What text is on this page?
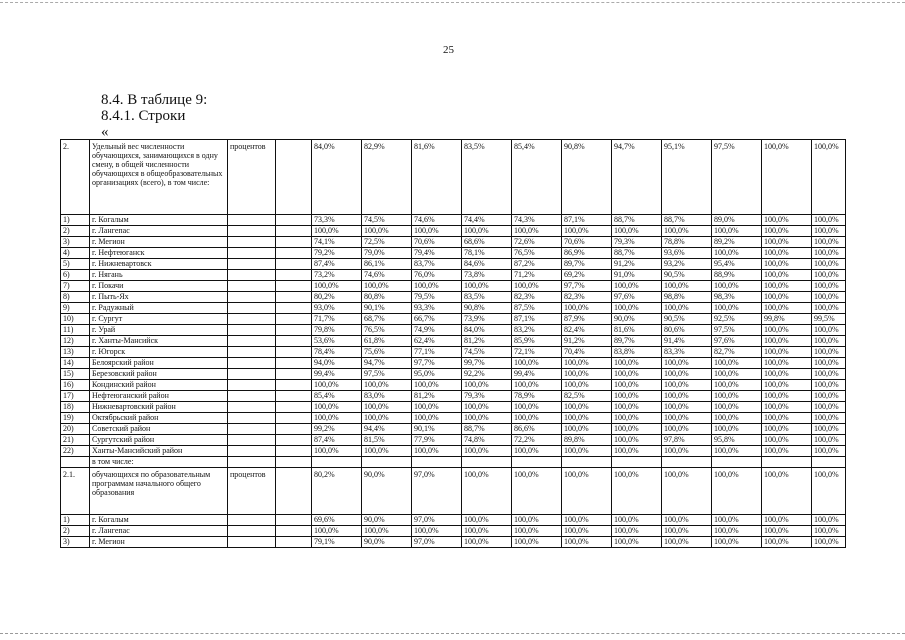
25
8.4. В таблице 9:
8.4.1. Строки
«
2.	Удельный вес численности обучающихся, занимающихся в одну смену, в общей численности обучающихся в общеобразовательных организациях (всего), в том числе:	процентов		84,0%	82,9%	81,6%	83,5%	85,4%	90,8%	94,7%	95,1%	97,5%	100,0%	100,0%
1)	г. Когалым			73,3%	74,5%	74,6%	74,4%	74,3%	87,1%	88,7%	88,7%	89,0%	100,0%	100,0%
2)	г. Лангепас			100,0%	100,0%	100,0%	100,0%	100,0%	100,0%	100,0%	100,0%	100,0%	100,0%	100,0%
3)	г. Мегион			74,1%	72,5%	70,6%	68,6%	72,6%	70,6%	79,3%	78,8%	89,2%	100,0%	100,0%
4)	г. Нефтеюганск			79,2%	79,0%	79,4%	78,1%	76,5%	86,9%	88,7%	93,6%	100,0%	100,0%	100,0%
5)	г. Нижневартовск			87,4%	86,1%	83,7%	84,6%	87,2%	89,7%	91,2%	93,2%	95,4%	100,0%	100,0%
6)	г. Нягань			73,2%	74,6%	76,0%	73,8%	71,2%	69,2%	91,0%	90,5%	88,9%	100,0%	100,0%
7)	г. Покачи			100,0%	100,0%	100,0%	100,0%	100,0%	97,7%	100,0%	100,0%	100,0%	100,0%	100,0%
8)	г. Пыть-Ях			80,2%	80,8%	79,5%	83,5%	82,3%	82,3%	97,6%	98,8%	98,3%	100,0%	100,0%
9)	г. Радужный			93,0%	90,1%	93,3%	90,8%	87,5%	100,0%	100,0%	100,0%	100,0%	100,0%	100,0%
10)	г. Сургут			71,7%	68,7%	66,7%	73,9%	87,1%	87,9%	90,0%	90,5%	92,5%	99,8%	99,5%
11)	г. Урай			79,8%	76,5%	74,9%	84,0%	83,2%	82,4%	81,6%	80,6%	97,5%	100,0%	100,0%
12)	г. Ханты-Мансийск			53,6%	61,8%	62,4%	81,2%	85,9%	91,2%	89,7%	91,4%	97,6%	100,0%	100,0%
13)	г. Югорск			78,4%	75,6%	77,1%	74,5%	72,1%	70,4%	83,8%	83,3%	82,7%	100,0%	100,0%
14)	Белоярский район			94,0%	94,7%	97,7%	99,7%	100,0%	100,0%	100,0%	100,0%	100,0%	100,0%	100,0%
15)	Березовский район			99,4%	97,5%	95,0%	92,2%	99,4%	100,0%	100,0%	100,0%	100,0%	100,0%	100,0%
16)	Кондинский район			100,0%	100,0%	100,0%	100,0%	100,0%	100,0%	100,0%	100,0%	100,0%	100,0%	100,0%
17)	Нефтеюганский район			85,4%	83,0%	81,2%	79,3%	78,9%	82,5%	100,0%	100,0%	100,0%	100,0%	100,0%
18)	Нижневартовский район			100,0%	100,0%	100,0%	100,0%	100,0%	100,0%	100,0%	100,0%	100,0%	100,0%	100,0%
19)	Октябрьский район			100,0%	100,0%	100,0%	100,0%	100,0%	100,0%	100,0%	100,0%	100,0%	100,0%	100,0%
20)	Советский район			99,2%	94,4%	90,1%	88,7%	86,6%	100,0%	100,0%	100,0%	100,0%	100,0%	100,0%
21)	Сургутский район			87,4%	81,5%	77,9%	74,8%	72,2%	89,8%	100,0%	97,8%	95,8%	100,0%	100,0%
22)	Ханты-Мансийский район			100,0%	100,0%	100,0%	100,0%	100,0%	100,0%	100,0%	100,0%	100,0%	100,0%	100,0%
	в том числе:													
2.1.	обучающихся по образовательным программам начального общего образования	процентов		80,2%	90,0%	97,0%	100,0%	100,0%	100,0%	100,0%	100,0%	100,0%	100,0%	100,0%
1)	г. Когалым			69,6%	90,0%	97,0%	100,0%	100,0%	100,0%	100,0%	100,0%	100,0%	100,0%	100,0%
2)	г. Лангепас			100,0%	100,0%	100,0%	100,0%	100,0%	100,0%	100,0%	100,0%	100,0%	100,0%	100,0%
3)	г. Мегион			79,1%	90,0%	97,0%	100,0%	100,0%	100,0%	100,0%	100,0%	100,0%	100,0%	100,0%
